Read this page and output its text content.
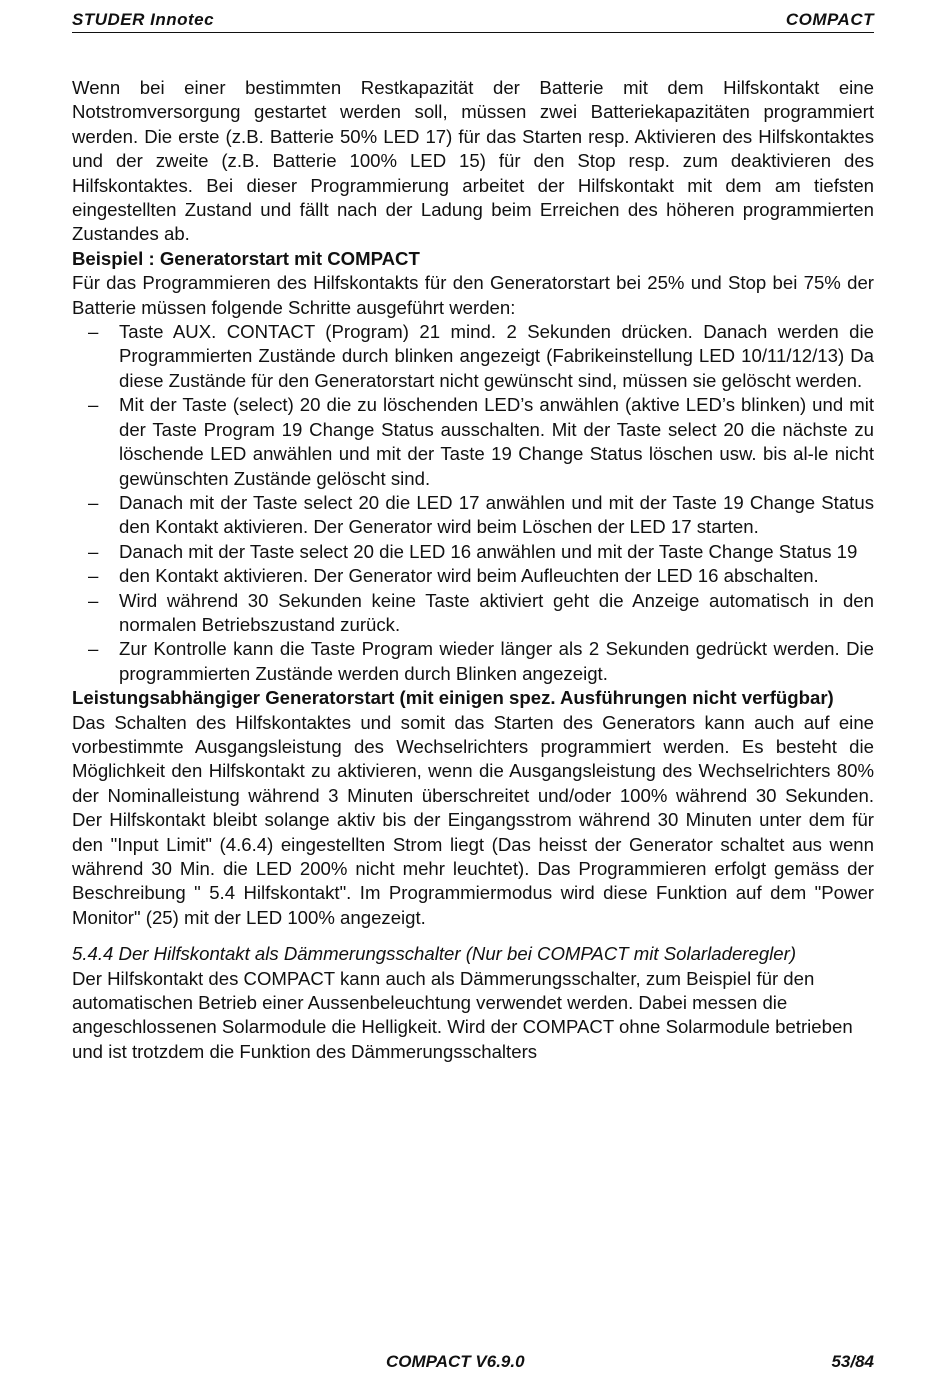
STUDER Innotec	COMPACT

Wenn bei einer bestimmten Restkapazität der Batterie mit dem Hilfskontakt eine Notstromversorgung gestartet werden soll, müssen zwei Batteriekapazitäten programmiert werden. Die erste (z.B. Batterie 50% LED 17) für das Starten resp. Aktivieren des Hilfskontaktes und der zweite (z.B. Batterie 100% LED 15) für den Stop resp. zum deaktivieren des Hilfskontaktes. Bei dieser Programmierung arbeitet der Hilfskontakt mit dem am tiefsten eingestellten Zustand und fällt nach der Ladung beim Erreichen des höheren programmierten Zustandes ab.

Beispiel : Generatorstart mit COMPACT

Für das Programmieren des Hilfskontakts für den Generatorstart bei 25% und Stop bei 75% der Batterie müssen folgende Schritte ausgeführt werden:

– Taste AUX. CONTACT (Program) 21 mind. 2 Sekunden drücken. Danach werden die Programmierten Zustände durch blinken angezeigt (Fabrikeinstellung LED 10/11/12/13) Da diese Zustände für den Generatorstart nicht gewünscht sind, müssen sie gelöscht werden.
– Mit der Taste (select) 20 die zu löschenden LED’s anwählen (aktive LED’s blinken) und mit der Taste Program 19 Change Status ausschalten. Mit der Taste select 20 die nächste zu löschende LED anwählen und mit der Taste 19 Change Status löschen usw. bis al-le nicht gewünschten Zustände gelöscht sind.
– Danach mit der Taste select 20 die LED 17 anwählen und mit der Taste 19 Change Status den Kontakt aktivieren. Der Generator wird beim Löschen der LED 17 starten.
– Danach mit der Taste select 20 die LED 16 anwählen und mit der Taste Change Status 19
– den Kontakt aktivieren. Der Generator wird beim Aufleuchten der LED 16 abschalten.
– Wird während 30 Sekunden keine Taste aktiviert geht die Anzeige automatisch in den normalen Betriebszustand zurück.
– Zur Kontrolle kann die Taste Program wieder länger als 2 Sekunden gedrückt werden. Die programmierten Zustände werden durch Blinken angezeigt.

Leistungsabhängiger Generatorstart (mit einigen spez. Ausführungen nicht verfügbar)

Das Schalten des Hilfskontaktes und somit das Starten des Generators kann auch auf eine vorbestimmte Ausgangsleistung des Wechselrichters programmiert werden. Es besteht die Möglichkeit den Hilfskontakt zu aktivieren, wenn die Ausgangsleistung des Wechselrichters 80% der Nominalleistung während 3 Minuten überschreitet und/oder 100% während 30 Sekunden. Der Hilfskontakt bleibt solange aktiv bis der Eingangsstrom während 30 Minuten unter dem für den "Input Limit" (4.6.4) eingestellten Strom liegt (Das heisst der Generator schaltet aus wenn während 30 Min. die LED 200% nicht mehr leuchtet). Das Programmieren erfolgt gemäss der Beschreibung " 5.4 Hilfskontakt". Im Programmiermodus wird diese Funktion auf dem "Power Monitor" (25) mit der LED 100% angezeigt.

5.4.4 Der Hilfskontakt als Dämmerungsschalter (Nur bei COMPACT mit Solarladeregler)

Der Hilfskontakt des COMPACT kann auch als Dämmerungsschalter, zum Beispiel für den automatischen Betrieb einer Aussenbeleuchtung verwendet werden. Dabei messen die angeschlossenen Solarmodule die Helligkeit. Wird der COMPACT ohne Solarmodule betrieben und ist trotzdem die Funktion des Dämmerungsschalters

COMPACT V6.9.0	53/84
